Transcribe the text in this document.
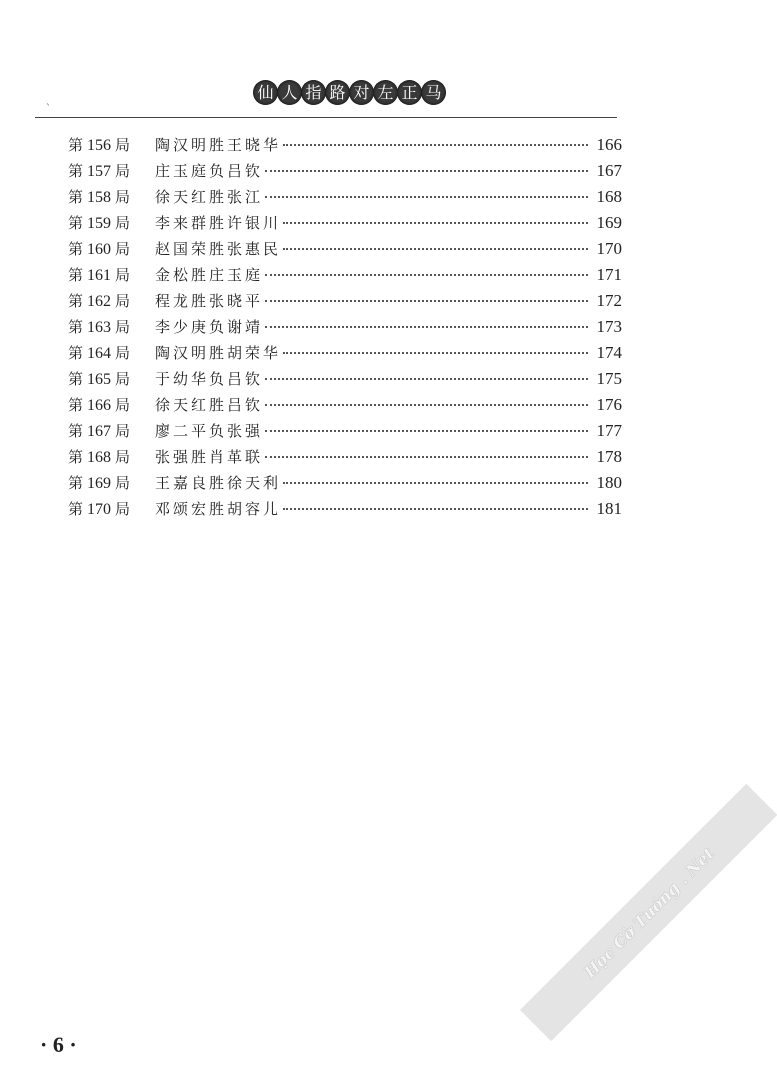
仙 人 指 路 对 左 正 马
`
第 156 局	陶汉明胜王晓华	166
第 157 局	庄玉庭负吕钦	167
第 158 局	徐天红胜张江	168
第 159 局	李来群胜许银川	169
第 160 局	赵国荣胜张惠民	170
第 161 局	金松胜庄玉庭	171
第 162 局	程龙胜张晓平	172
第 163 局	李少庚负谢靖	173
第 164 局	陶汉明胜胡荣华	174
第 165 局	于幼华负吕钦	175
第 166 局	徐天红胜吕钦	176
第 167 局	廖二平负张强	177
第 168 局	张强胜肖革联	178
第 169 局	王嘉良胜徐天利	180
第 170 局	邓颂宏胜胡容儿	181
· 6 ·
Học Cờ Tướng . Net
